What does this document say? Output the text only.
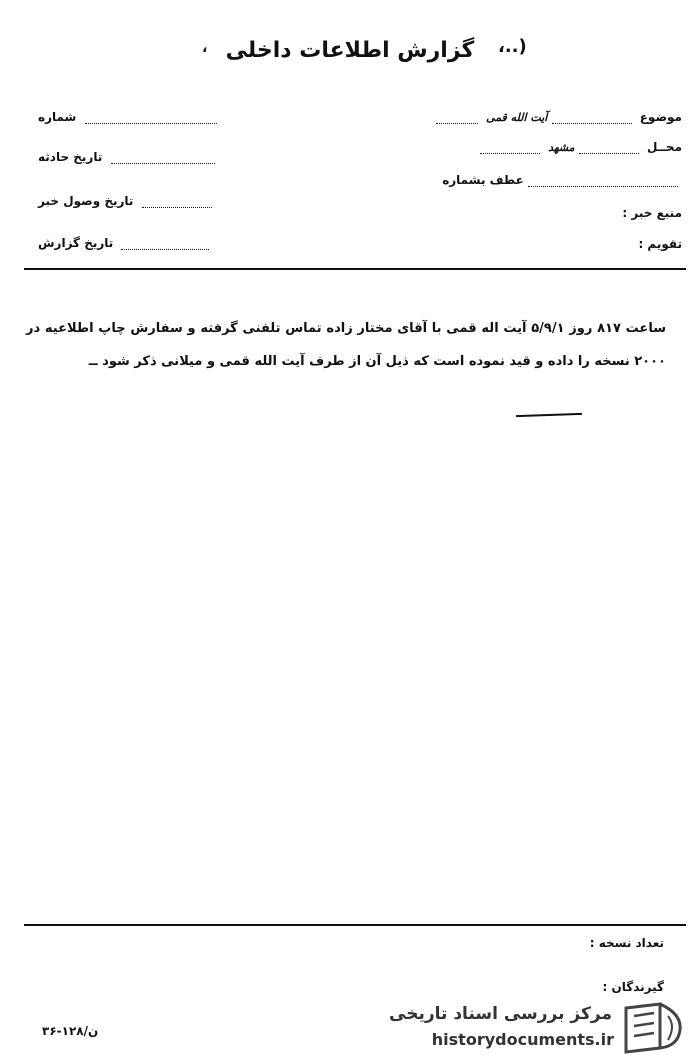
گزارش اطلاعات داخلی	،..)
،
موضوع  آیت الله قمی
محــل  مشهد
عطف بشماره
منبع خبر :
تقویم :
شماره
تاریخ حادثه
تاریخ وصول خبر
تاریخ گزارش
ساعت ۸۱۷ روز ۵/۹/۱ آیت اله قمی با آقای مختار زاده تماس تلفنی گرفته و سفارش چاپ اطلاعیه در ۲۰۰۰ نسخه را داده و قید نموده است که ذیل آن از طرف آیت الله قمی و میلانی ذکر شود ــ
تعداد نسخه :
گیرندگان :
۳۶-۱۲۸/ن
مرکز بررسی اسناد تاریخی
historydocuments.ir
